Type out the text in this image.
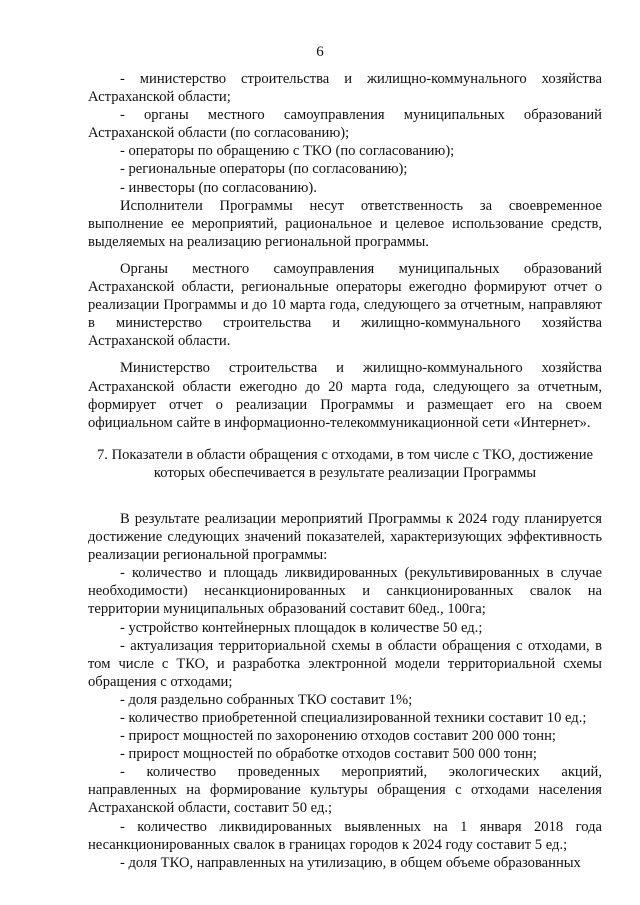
6

- министерство строительства и жилищно-коммунального хозяйства Астраханской области;

- органы местного самоуправления муниципальных образований Астраханской области (по согласованию);

- операторы по обращению с ТКО (по согласованию);

- региональные операторы (по согласованию);

- инвесторы (по согласованию).

Исполнители Программы несут ответственность за своевременное выполнение ее мероприятий, рациональное и целевое использование средств, выделяемых на реализацию региональной программы.

Органы местного самоуправления муниципальных образований Астраханской области, региональные операторы ежегодно формируют отчет о реализации Программы и до 10 марта года, следующего за отчетным, направляют в министерство строительства и жилищно-коммунального хозяйства Астраханской области.

Министерство строительства и жилищно-коммунального хозяйства Астраханской области ежегодно до 20 марта года, следующего за отчетным, формирует отчет о реализации Программы и размещает его на своем официальном сайте в информационно-телекоммуникационной сети «Интернет».

7. Показатели в области обращения с отходами, в том числе с ТКО, достижение которых обеспечивается в результате реализации Программы

В результате реализации мероприятий Программы к 2024 году планируется достижение следующих значений показателей, характеризующих эффективность реализации региональной программы:

- количество и площадь ликвидированных (рекультивированных в случае необходимости) несанкционированных и санкционированных свалок на территории муниципальных образований составит 60ед., 100га;

- устройство контейнерных площадок в количестве 50 ед.;

- актуализация территориальной схемы в области обращения с отходами, в том числе с ТКО, и разработка электронной модели территориальной схемы обращения с отходами;

- доля раздельно собранных ТКО составит 1%;

- количество приобретенной специализированной техники составит 10 ед.;

- прирост мощностей по захоронению отходов составит 200 000 тонн;

- прирост мощностей по обработке отходов составит 500 000 тонн;

- количество проведенных мероприятий, экологических акций, направленных на формирование культуры обращения с отходами населения Астраханской области, составит 50 ед.;

- количество ликвидированных выявленных на 1 января 2018 года несанкционированных свалок в границах городов к 2024 году составит 5 ед.;

- доля ТКО, направленных на утилизацию, в общем объеме образованных
